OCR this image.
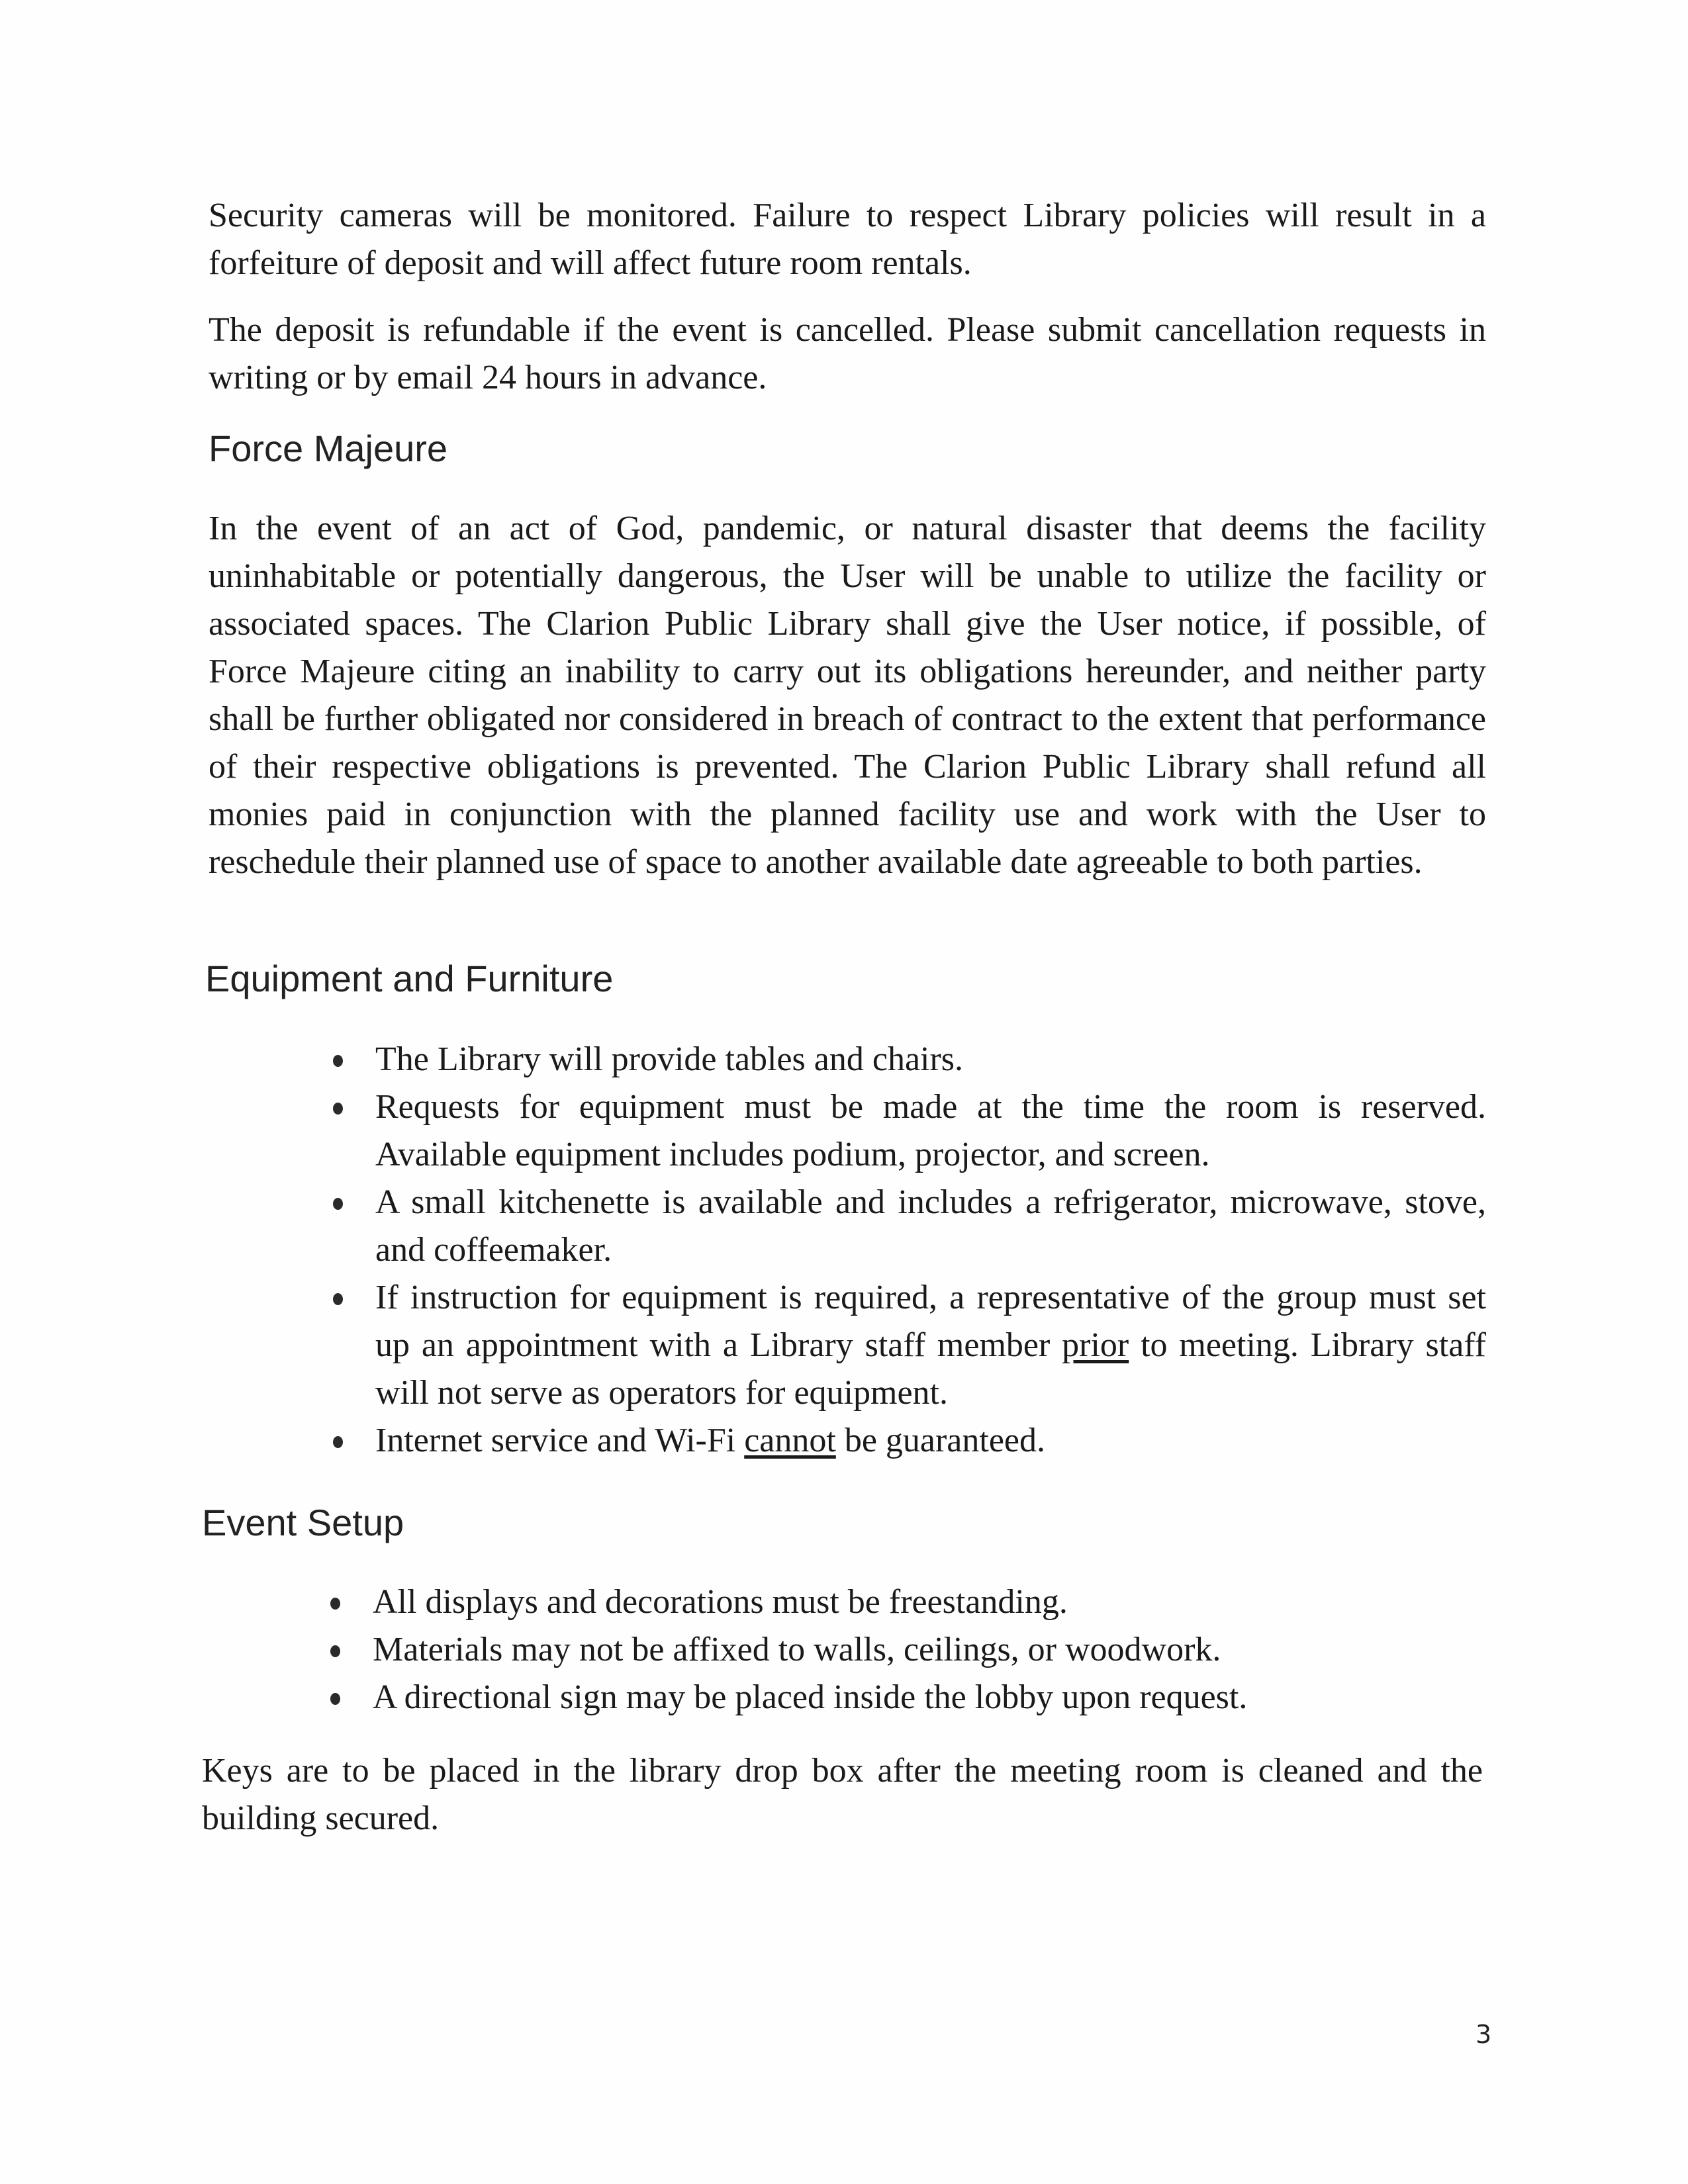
Security cameras will be monitored. Failure to respect Library policies will result in a forfeiture of deposit and will affect future room rentals.

The deposit is refundable if the event is cancelled. Please submit cancellation requests in writing or by email 24 hours in advance.

Force Majeure

In the event of an act of God, pandemic, or natural disaster that deems the facility uninhabitable or potentially dangerous, the User will be unable to utilize the facility or associated spaces. The Clarion Public Library shall give the User notice, if possible, of Force Majeure citing an inability to carry out its obligations hereunder, and neither party shall be further obligated nor considered in breach of contract to the extent that performance of their respective obligations is prevented. The Clarion Public Library shall refund all monies paid in conjunction with the planned facility use and work with the User to reschedule their planned use of space to another available date agreeable to both parties.

Equipment and Furniture
The Library will provide tables and chairs.
Requests for equipment must be made at the time the room is reserved. Available equipment includes podium, projector, and screen.
A small kitchenette is available and includes a refrigerator, microwave, stove, and coffeemaker.
If instruction for equipment is required, a representative of the group must set up an appointment with a Library staff member prior to meeting. Library staff will not serve as operators for equipment.
Internet service and Wi-Fi cannot be guaranteed.
Event Setup
All displays and decorations must be freestanding.
Materials may not be affixed to walls, ceilings, or woodwork.
A directional sign may be placed inside the lobby upon request.

Keys are to be placed in the library drop box after the meeting room is cleaned and the building secured.

3
